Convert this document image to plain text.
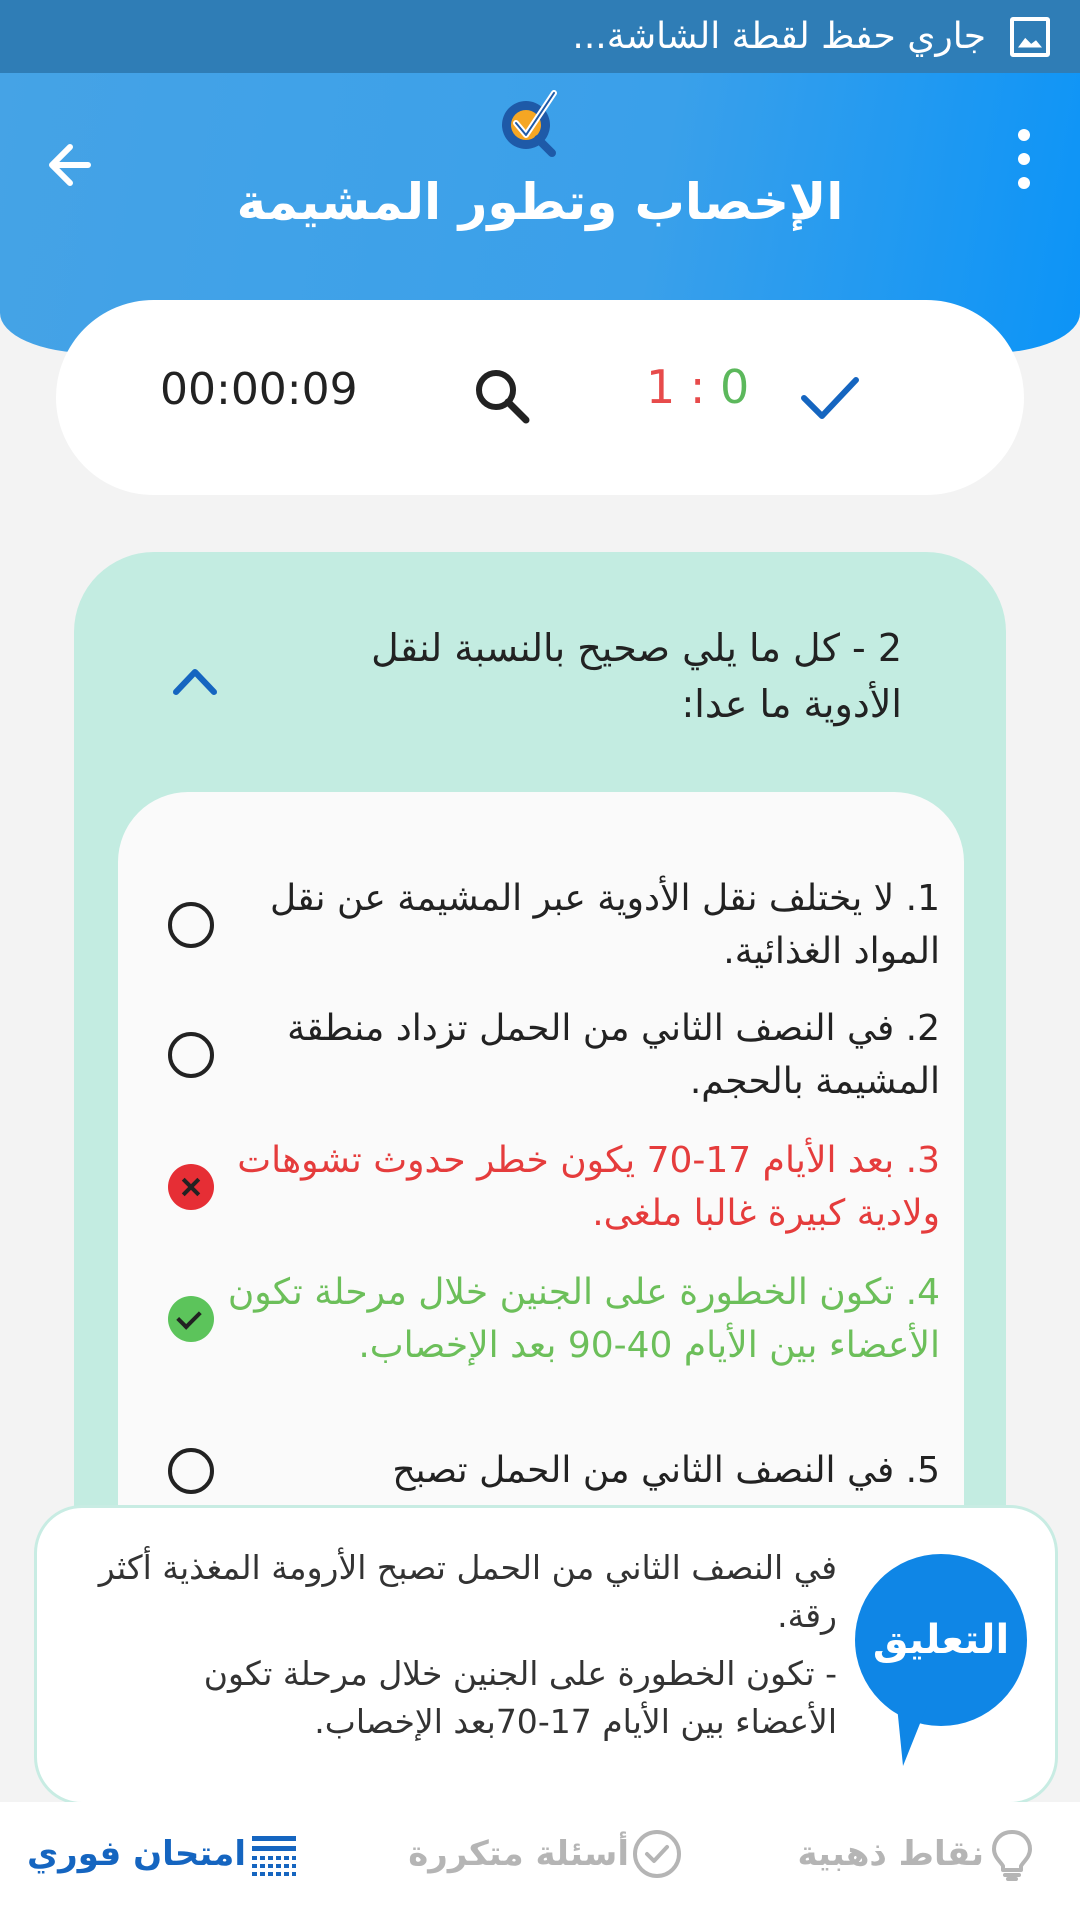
جاري حفظ لقطة الشاشة...
الإخصاب وتطور المشيمة
00:00:09	1 : 0
2 - كل ما يلي صحيح بالنسبة لنقل الأدوية ما عدا:
1. لا يختلف نقل الأدوية عبر المشيمة عن نقل المواد الغذائية.
2. في النصف الثاني من الحمل تزداد منطقة المشيمة بالحجم.
3. بعد الأيام 17-70 يكون خطر حدوث تشوهات ولادية كبيرة غالبا ملغى.
4. تكون الخطورة على الجنين خلال مرحلة تكون الأعضاء بين الأيام 40-90 بعد الإخصاب.
5. في النصف الثاني من الحمل تصبح

في النصف الثاني من الحمل تصبح الأرومة المغذية أكثر رقة.

- تكون الخطورة على الجنين خلال مرحلة تكون الأعضاء بين الأيام 17-70بعد الإخصاب.

التعليق
نقاط ذهبية
أسئلة متكررة
امتحان فوري
